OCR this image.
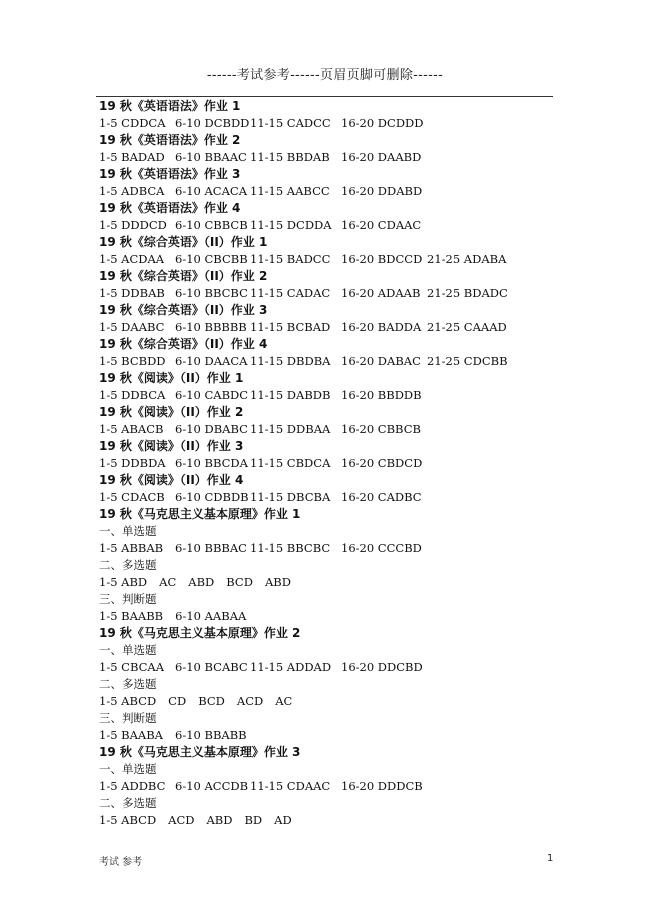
------考试参考------页眉页脚可删除------
19 秋《英语语法》作业 1
1-5 CDDCA 6-10 DCBDD11-15 CADCC 16-20 DCDDD
19 秋《英语语法》作业 2
1-5 BADAD 6-10 BBAAC 11-15 BBDAB 16-20 DAABD
19 秋《英语语法》作业 3
1-5 ADBCA 6-10 ACACA 11-15 AABCC 16-20 DDABD
19 秋《英语语法》作业 4
1-5 DDDCD 6-10 CBBCB 11-15 DCDDA 16-20 CDAAC
19 秋《综合英语》（II）作业 1
1-5 ACDAA 6-10 CBCBB 11-15 BADCC 16-20 BDCCD 21-25 ADABA
19 秋《综合英语》（II）作业 2
1-5 DDBAB 6-10 BBCBC 11-15 CADAC 16-20 ADAAB 21-25 BDADC
19 秋《综合英语》（II）作业 3
1-5 DAABC 6-10 BBBBB 11-15 BCBAD 16-20 BADDA 21-25 CAAAD
19 秋《综合英语》（II）作业 4
1-5 BCBDD 6-10 DAACA 11-15 DBDBA 16-20 DABAC 21-25 CDCBB
19 秋《阅读》（II）作业 1
1-5 DDBCA 6-10 CABDC 11-15 DABDB 16-20 BBDDB
19 秋《阅读》（II）作业 2
1-5 ABACB 6-10 DBABC 11-15 DDBAA 16-20 CBBCB
19 秋《阅读》（II）作业 3
1-5 DDBDA 6-10 BBCDA 11-15 CBDCA 16-20 CBDCD
19 秋《阅读》（II）作业 4
1-5 CDACB 6-10 CDBDB11-15 DBCBA 16-20 CADBC
19 秋《马克思主义基本原理》作业 1
一、单选题
1-5 ABBAB 6-10 BBBAC 11-15 BBCBC 16-20 CCCBD
二、多选题
1-5 ABD AC ABD BCD ABD
三、判断题
1-5 BAABB 6-10 AABAA
19 秋《马克思主义基本原理》作业 2
一、单选题
1-5 CBCAA 6-10 BCABC 11-15 ADDAD 16-20 DDCBD
二、多选题
1-5 ABCD CD BCD ACD AC
三、判断题
1-5 BAABA 6-10 BBABB
19 秋《马克思主义基本原理》作业 3
一、单选题
1-5 ADDBC 6-10 ACCDB 11-15 CDAAC 16-20 DDDCB
二、多选题
1-5 ABCD ACD ABD BD AD
考试 参考	1
